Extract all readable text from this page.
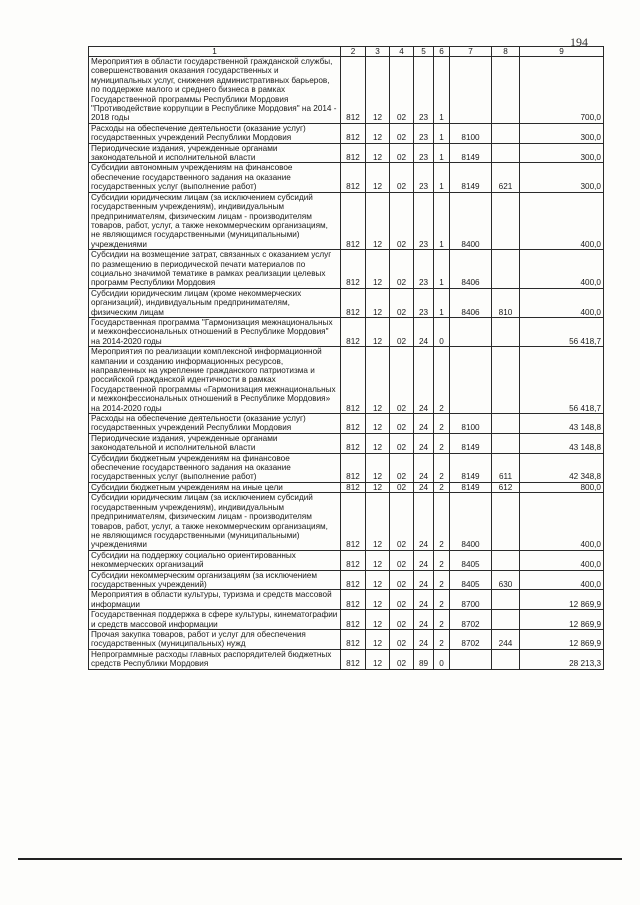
194
1	2	3	4	5	6	7	8	9
Мероприятия в области государственной гражданской службы, совершенствования оказания государственных и муниципальных услуг, снижения административных барьеров, по поддержке малого и среднего бизнеса в рамках Государственной программы Республики Мордовия "Противодействие коррупции в Республике Мордовия" на 2014 - 2018 годы	812	12	02	23	1			700,0
Расходы на обеспечение деятельности (оказание услуг) государственных учреждений Республики Мордовия	812	12	02	23	1	8100		300,0
Периодические издания, учрежденные органами законодательной и исполнительной власти	812	12	02	23	1	8149		300,0
Субсидии автономным учреждениям на финансовое обеспечение государственного задания на оказание государственных услуг (выполнение работ)	812	12	02	23	1	8149	621	300,0
Субсидии юридическим лицам (за исключением субсидий государственным учреждениям), индивидуальным предпринимателям, физическим лицам - производителям товаров, работ, услуг, а также некоммерческим организациям, не являющимся государственными (муниципальными) учреждениями	812	12	02	23	1	8400		400,0
Субсидии на возмещение затрат, связанных с оказанием услуг по размещению в периодической печати материалов по социально значимой тематике в рамках реализации целевых программ Республики Мордовия	812	12	02	23	1	8406		400,0
Субсидии юридическим лицам (кроме некоммерческих организаций), индивидуальным предпринимателям, физическим лицам	812	12	02	23	1	8406	810	400,0
Государственная программа "Гармонизация межнациональных и межконфессиональных отношений в Республике Мордовия" на 2014-2020 годы	812	12	02	24	0			56 418,7
Мероприятия по реализации комплексной информационной кампании и созданию информационных ресурсов, направленных на укрепление гражданского патриотизма и российской гражданской идентичности в рамках Государственной программы «Гармонизация межнациональных и межконфессиональных отношений в Республике Мордовия» на 2014-2020 годы	812	12	02	24	2			56 418,7
Расходы на обеспечение деятельности (оказание услуг) государственных учреждений Республики Мордовия	812	12	02	24	2	8100		43 148,8
Периодические издания, учрежденные органами законодательной и исполнительной власти	812	12	02	24	2	8149		43 148,8
Субсидии бюджетным учреждениям на финансовое обеспечение государственного задания на оказание государственных услуг (выполнение работ)	812	12	02	24	2	8149	611	42 348,8
Субсидии бюджетным учреждениям на иные цели	812	12	02	24	2	8149	612	800,0
Субсидии юридическим лицам (за исключением субсидий государственным учреждениям), индивидуальным предпринимателям, физическим лицам - производителям товаров, работ, услуг, а также некоммерческим организациям, не являющимся государственными (муниципальными) учреждениями	812	12	02	24	2	8400		400,0
Субсидии на поддержку социально ориентированных некоммерческих организаций	812	12	02	24	2	8405		400,0
Субсидии некоммерческим организациям (за исключением государственных учреждений)	812	12	02	24	2	8405	630	400,0
Мероприятия в области культуры, туризма и средств массовой информации	812	12	02	24	2	8700		12 869,9
Государственная поддержка в сфере культуры, кинематографии и средств массовой информации	812	12	02	24	2	8702		12 869,9
Прочая закупка товаров, работ и услуг для обеспечения государственных (муниципальных) нужд	812	12	02	24	2	8702	244	12 869,9
Непрограммные расходы главных распорядителей бюджетных средств Республики Мордовия	812	12	02	89	0			28 213,3
